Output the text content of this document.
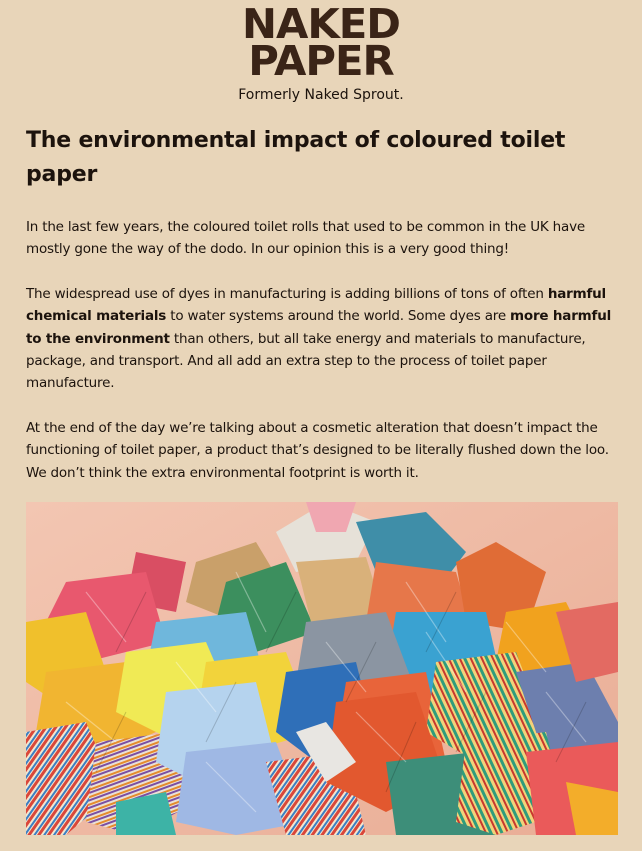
NAKED
PAPER
Formerly Naked Sprout.
The environmental impact of coloured toilet paper

In the last few years, the coloured toilet rolls that used to be common in the UK have mostly gone the way of the dodo. In our opinion this is a very good thing!

The widespread use of dyes in manufacturing is adding billions of tons of often harmful chemical materials to water systems around the world. Some dyes are more harmful to the environment than others, but all take energy and materials to manufacture, package, and transport. And all add an extra step to the process of toilet paper manufacture.

At the end of the day we’re talking about a cosmetic alteration that doesn’t impact the functioning of toilet paper, a product that’s designed to be literally flushed down the loo. We don’t think the extra environmental footprint is worth it.
